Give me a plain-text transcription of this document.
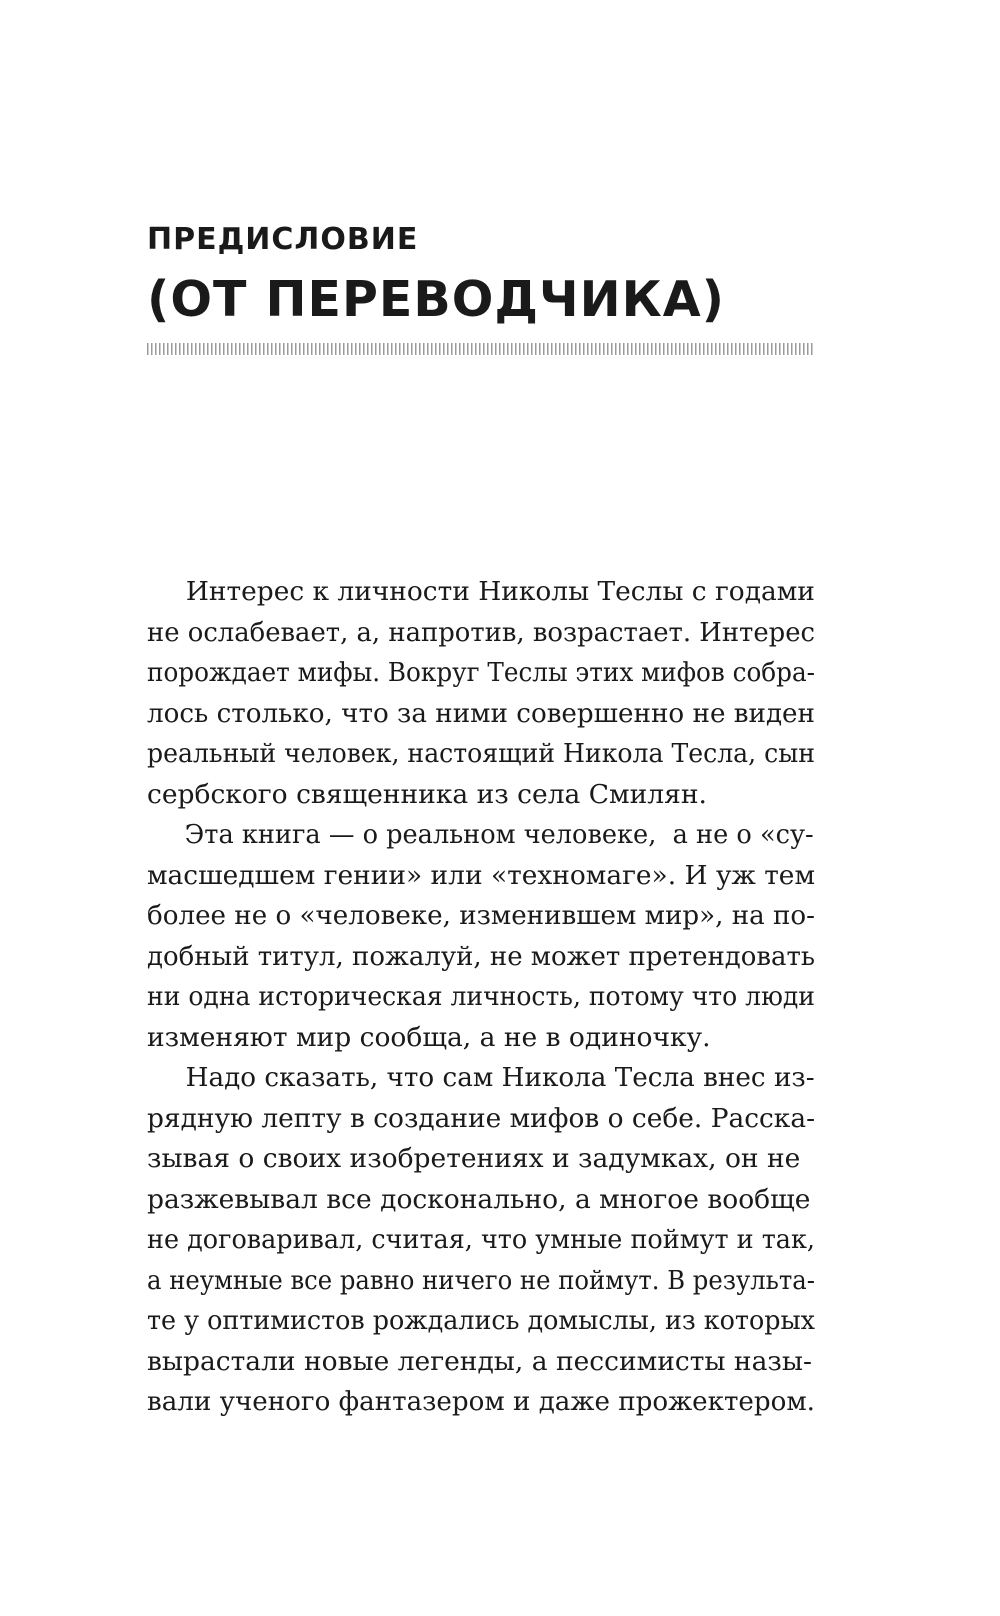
ПРЕДИСЛОВИЕ
(ОТ ПЕРЕВОДЧИКА)
Интерес к личности Николы Теслы с годами
не ослабевает, а, напротив, возрастает. Интерес
порождает мифы. Вокруг Теслы этих мифов собра-
лось столько, что за ними совершенно не виден
реальный человек, настоящий Никола Тесла, сын
сербского священника из села Смилян.
Эта книга — о реальном человеке,  а не о «су-
масшедшем гении» или «техномаге». И уж тем
более не о «человеке, изменившем мир», на по-
добный титул, пожалуй, не может претендовать
ни одна историческая личность, потому что люди
изменяют мир сообща, а не в одиночку.
Надо сказать, что сам Никола Тесла внес из-
рядную лепту в создание мифов о себе. Расска-
зывая о своих изобретениях и задумках, он не
разжевывал все досконально, а многое вообще
не договаривал, считая, что умные поймут и так,
а неумные все равно ничего не поймут. В результа-
те у оптимистов рождались домыслы, из которых
вырастали новые легенды, а пессимисты назы-
вали ученого фантазером и даже прожектером.
